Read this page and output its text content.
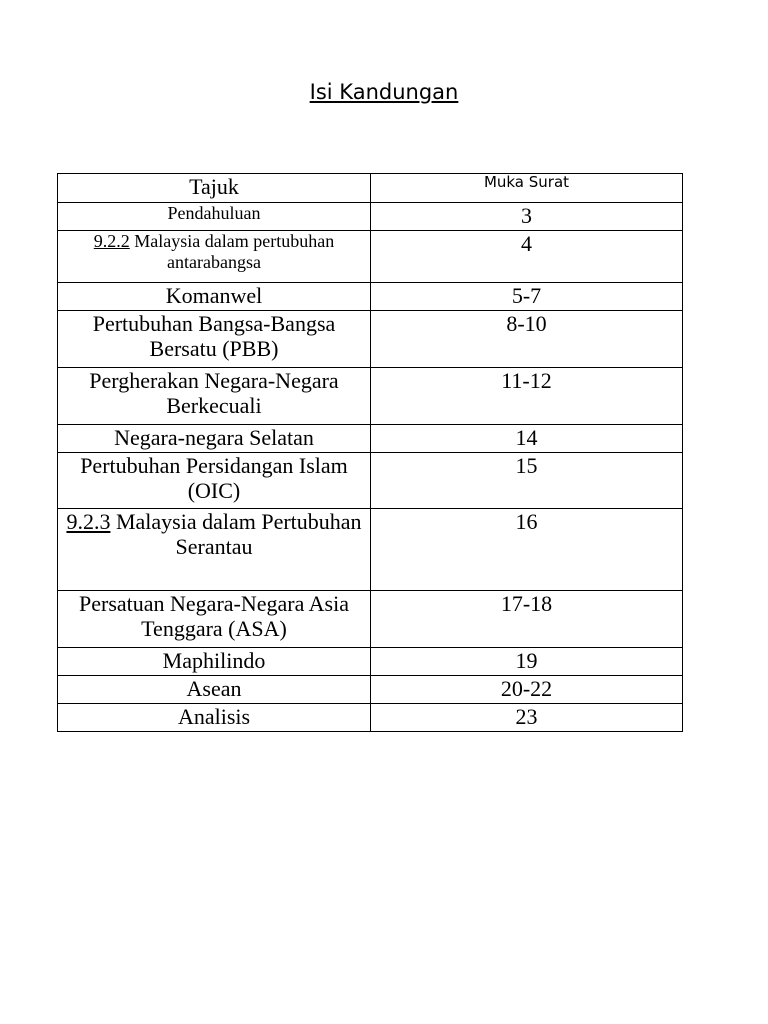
Isi Kandungan
Tajuk	Muka Surat
Pendahuluan	3
9.2.2 Malaysia dalam pertubuhan antarabangsa	4
Komanwel	5-7
Pertubuhan Bangsa-Bangsa Bersatu (PBB)	8-10
Pergherakan Negara-Negara Berkecuali	11-12
Negara-negara Selatan	14
Pertubuhan Persidangan Islam (OIC)	15
9.2.3 Malaysia dalam Pertubuhan Serantau	16
Persatuan Negara-Negara Asia Tenggara (ASA)	17-18
Maphilindo	19
Asean	20-22
Analisis	23
